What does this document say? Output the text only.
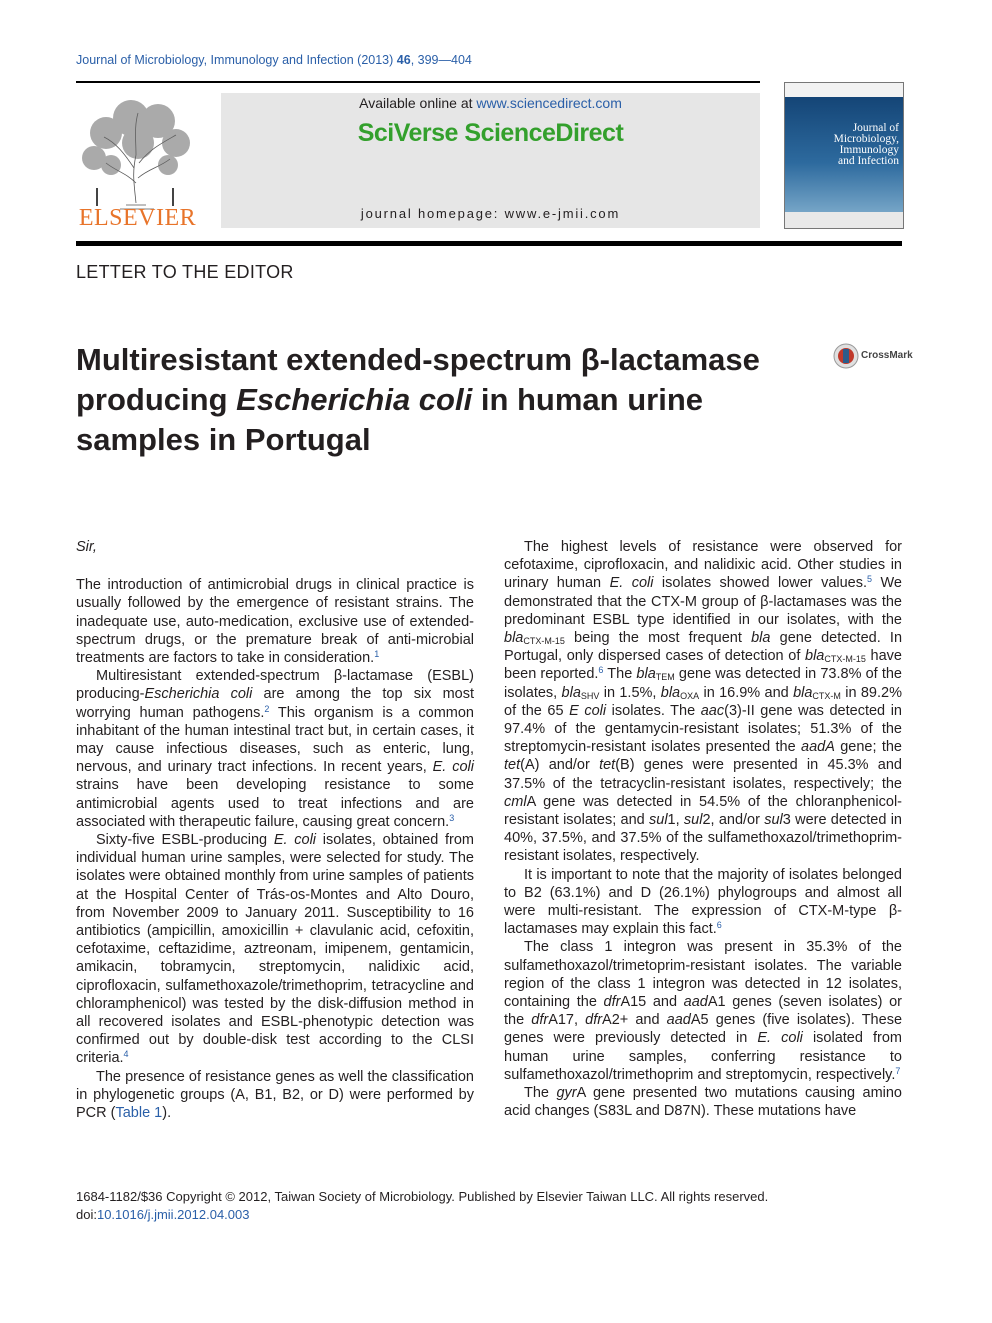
Journal of Microbiology, Immunology and Infection (2013) 46, 399—404
ELSEVIER
Available online at www.sciencedirect.com
SciVerse ScienceDirect
journal homepage: www.e-jmii.com
Journal of
Microbiology,
Immunology
and Infection
LETTER TO THE EDITOR
Multiresistant extended-spectrum β-lactamase
producing Escherichia coli in human urine
samples in Portugal
CrossMark

Sir,

The introduction of antimicrobial drugs in clinical practice is usually followed by the emergence of resistant strains. The inadequate use, auto-medication, exclusive use of extended-spectrum drugs, or the premature break of anti-microbial treatments are factors to take in consideration.$^1$

Multiresistant extended-spectrum β-lactamase (ESBL) producing-Escherichia coli are among the top six most worrying human pathogens.$^2$ This organism is a common inhabitant of the human intestinal tract but, in certain cases, it may cause infectious diseases, such as enteric, lung, nervous, and urinary tract infections. In recent years, E. coli strains have been developing resistance to some antimicrobial agents used to treat infections and are associated with therapeutic failure, causing great concern.$^3$

Sixty-five ESBL-producing E. coli isolates, obtained from individual human urine samples, were selected for study. The isolates were obtained monthly from urine samples of patients at the Hospital Center of Trás-os-Montes and Alto Douro, from November 2009 to January 2011. Susceptibility to 16 antibiotics (ampicillin, amoxicillin + clavulanic acid, cefoxitin, cefotaxime, ceftazidime, aztreonam, imipenem, gentamicin, amikacin, tobramycin, streptomycin, nalidixic acid, ciprofloxacin, sulfamethoxazole/trimethoprim, tetracycline and chloramphenicol) was tested by the disk-diffusion method in all recovered isolates and ESBL-phenotypic detection was confirmed out by double-disk test according to the CLSI criteria.$^4$

The presence of resistance genes as well the classification in phylogenetic groups (A, B1, B2, or D) were performed by PCR (Table 1).

The highest levels of resistance were observed for cefotaxime, ciprofloxacin, and nalidixic acid. Other studies in urinary human E. coli isolates showed lower values.$^5$ We demonstrated that the CTX-M group of β-lactamases was the predominant ESBL type identified in our isolates, with the bla$_{CTX-M-15}$ being the most frequent bla gene detected. In Portugal, only dispersed cases of detection of bla$_{CTX-M-15}$ have been reported.$^6$ The bla$_{TEM}$ gene was detected in 73.8% of the isolates, bla$_{SHV}$ in 1.5%, bla$_{OXA}$ in 16.9% and bla$_{CTX-M}$ in 89.2% of the 65 E coli isolates. The aac(3)-II gene was detected in 97.4% of the gentamycin-resistant isolates; 51.3% of the streptomycin-resistant isolates presented the aadA gene; the tet(A) and/or tet(B) genes were presented in 45.3% and 37.5% of the tetracyclin-resistant isolates, respectively; the cmlA gene was detected in 54.5% of the chloranphenicol-resistant isolates; and sul1, sul2, and/or sul3 were detected in 40%, 37.5%, and 37.5% of the sulfamethoxazol/trimethoprim-resistant isolates, respectively.

It is important to note that the majority of isolates belonged to B2 (63.1%) and D (26.1%) phylogroups and almost all were multi-resistant. The expression of CTX-M-type β-lactamases may explain this fact.$^6$

The class 1 integron was present in 35.3% of the sulfamethoxazol/trimetoprim-resistant isolates. The variable region of the class 1 integron was detected in 12 isolates, containing the dfrA15 and aadA1 genes (seven isolates) or the dfrA17, dfrA2+ and aadA5 genes (five isolates). These genes were previously detected in E. coli isolated from human urine samples, conferring resistance to sulfamethoxazol/trimethoprim and streptomycin, respectively.$^7$

The gyrA gene presented two mutations causing amino acid changes (S83L and D87N). These mutations have

1684-1182/$36 Copyright © 2012, Taiwan Society of Microbiology. Published by Elsevier Taiwan LLC. All rights reserved.
doi:10.1016/j.jmii.2012.04.003
